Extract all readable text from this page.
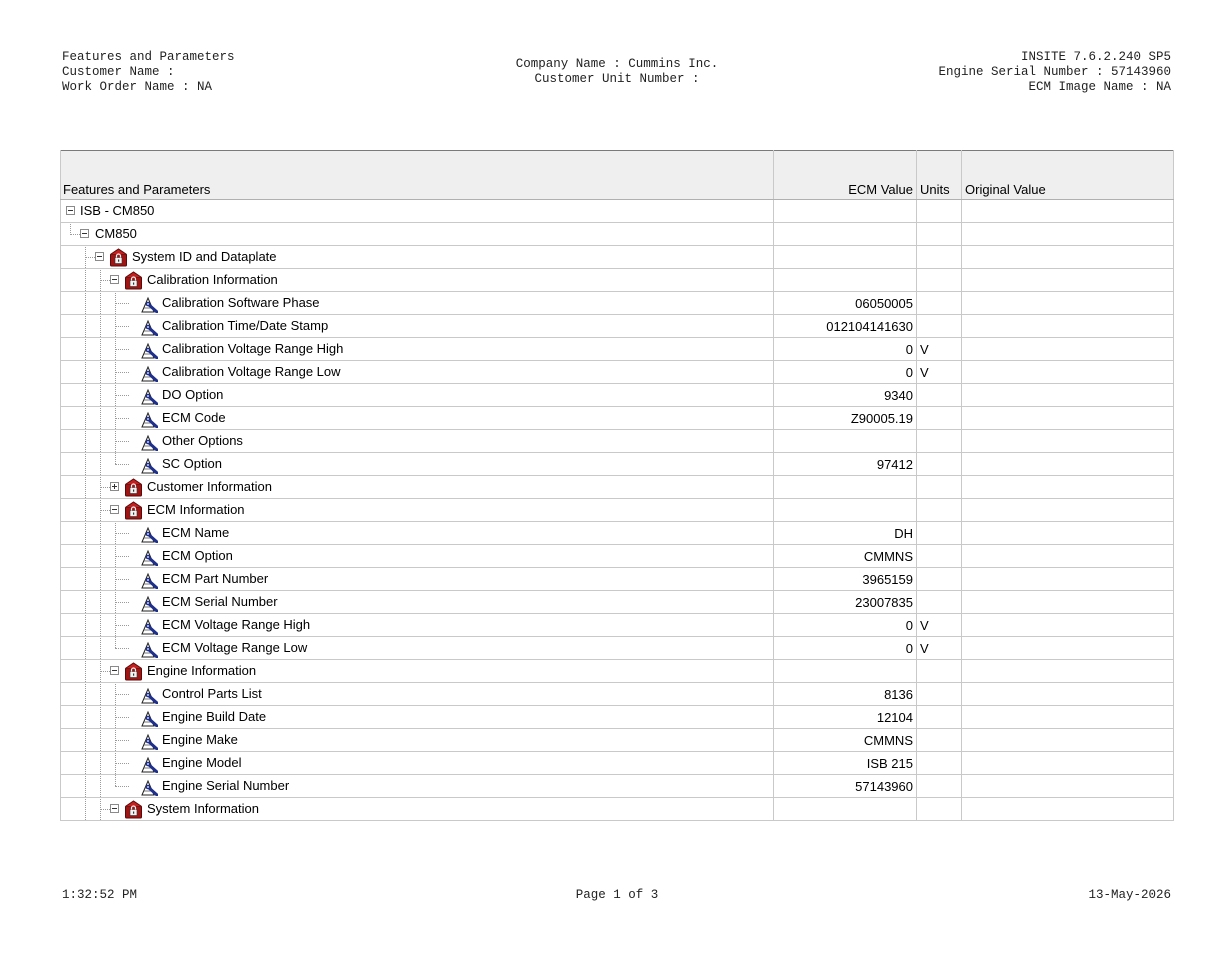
Features and Parameters
Customer Name :
Work Order Name : NA
Company Name : Cummins Inc.
Customer Unit Number :
INSITE 7.6.2.240 SP5
Engine Serial Number : 57143960
ECM Image Name : NA
Features and Parameters	ECM Value	Units	Original Value

ISB - CM850			

CM850			

System ID and Dataplate			

Calibration Information			

Calibration Software Phase	06050005		

Calibration Time/Date Stamp	012104141630		

Calibration Voltage Range High	0	V	

Calibration Voltage Range Low	0	V	

DO Option	9340		

ECM Code	Z90005.19		

Other Options			

SC Option	97412		

Customer Information			

ECM Information			

ECM Name	DH		

ECM Option	CMMNS		

ECM Part Number	3965159		

ECM Serial Number	23007835		

ECM Voltage Range High	0	V	

ECM Voltage Range Low	0	V	

Engine Information			

Control Parts List	8136		

Engine Build Date	12104		

Engine Make	CMMNS		

Engine Model	ISB 215		

Engine Serial Number	57143960		

System Information			

1:32:52 PM	Page 1 of 3	13-May-2026
